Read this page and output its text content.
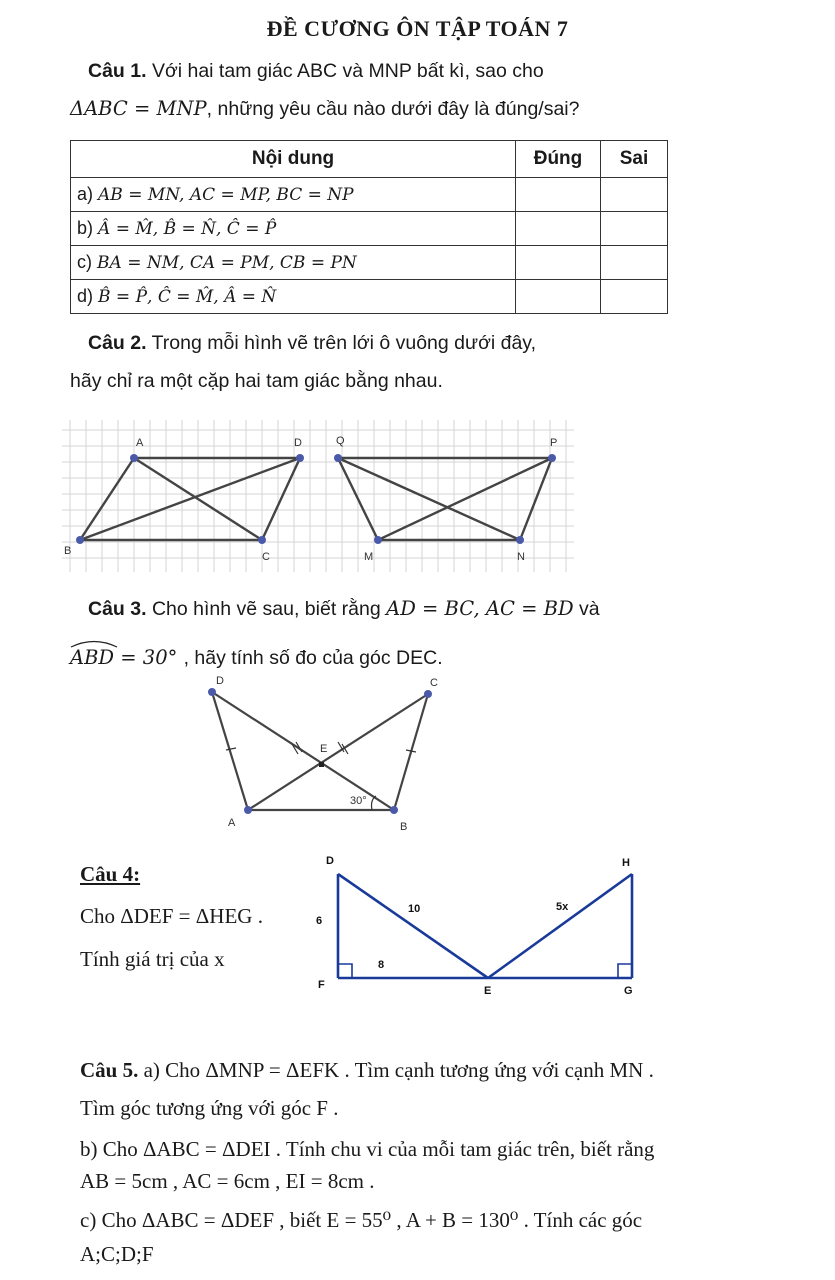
ĐỀ CƯƠNG ÔN TẬP TOÁN 7
Câu 1. Với hai tam giác ABC và MNP bất kì, sao cho
ΔABC = MNP, những yêu cầu nào dưới đây là đúng/sai?
Nội dung	Đúng	Sai
a) AB = MN, AC = MP, BC = NP		
b) Â = M̂, B̂ = N̂, Ĉ = P̂		
c) BA = NM, CA = PM, CB = PN		
d) B̂ = P̂, Ĉ = M̂, Â = N̂		
Câu 2. Trong mỗi hình vẽ trên lới ô vuông dưới đây,
hãy chỉ ra một cặp hai tam giác bằng nhau.
A	D
B	C
Q	P
M	N
Câu 3. Cho hình vẽ sau, biết rằng AD = BC, AC = BD và
ABD = 30° , hãy tính số đo của góc DEC.
D	C
E
A	B
30°
Câu 4:
Cho ΔDEF = ΔHEG .
Tính giá trị của x
D	H
F	E	G
10	5x
6
8
Câu 5. a) Cho ΔMNP = ΔEFK . Tìm cạnh tương ứng với cạnh MN .
Tìm góc tương ứng với góc F .
b) Cho ΔABC = ΔDEI . Tính chu vi của mỗi tam giác trên, biết rằng
AB = 5cm , AC = 6cm , EI = 8cm .
c) Cho ΔABC = ΔDEF , biết E = 55⁰ , A + B = 130⁰ . Tính các góc
A;C;D;F
